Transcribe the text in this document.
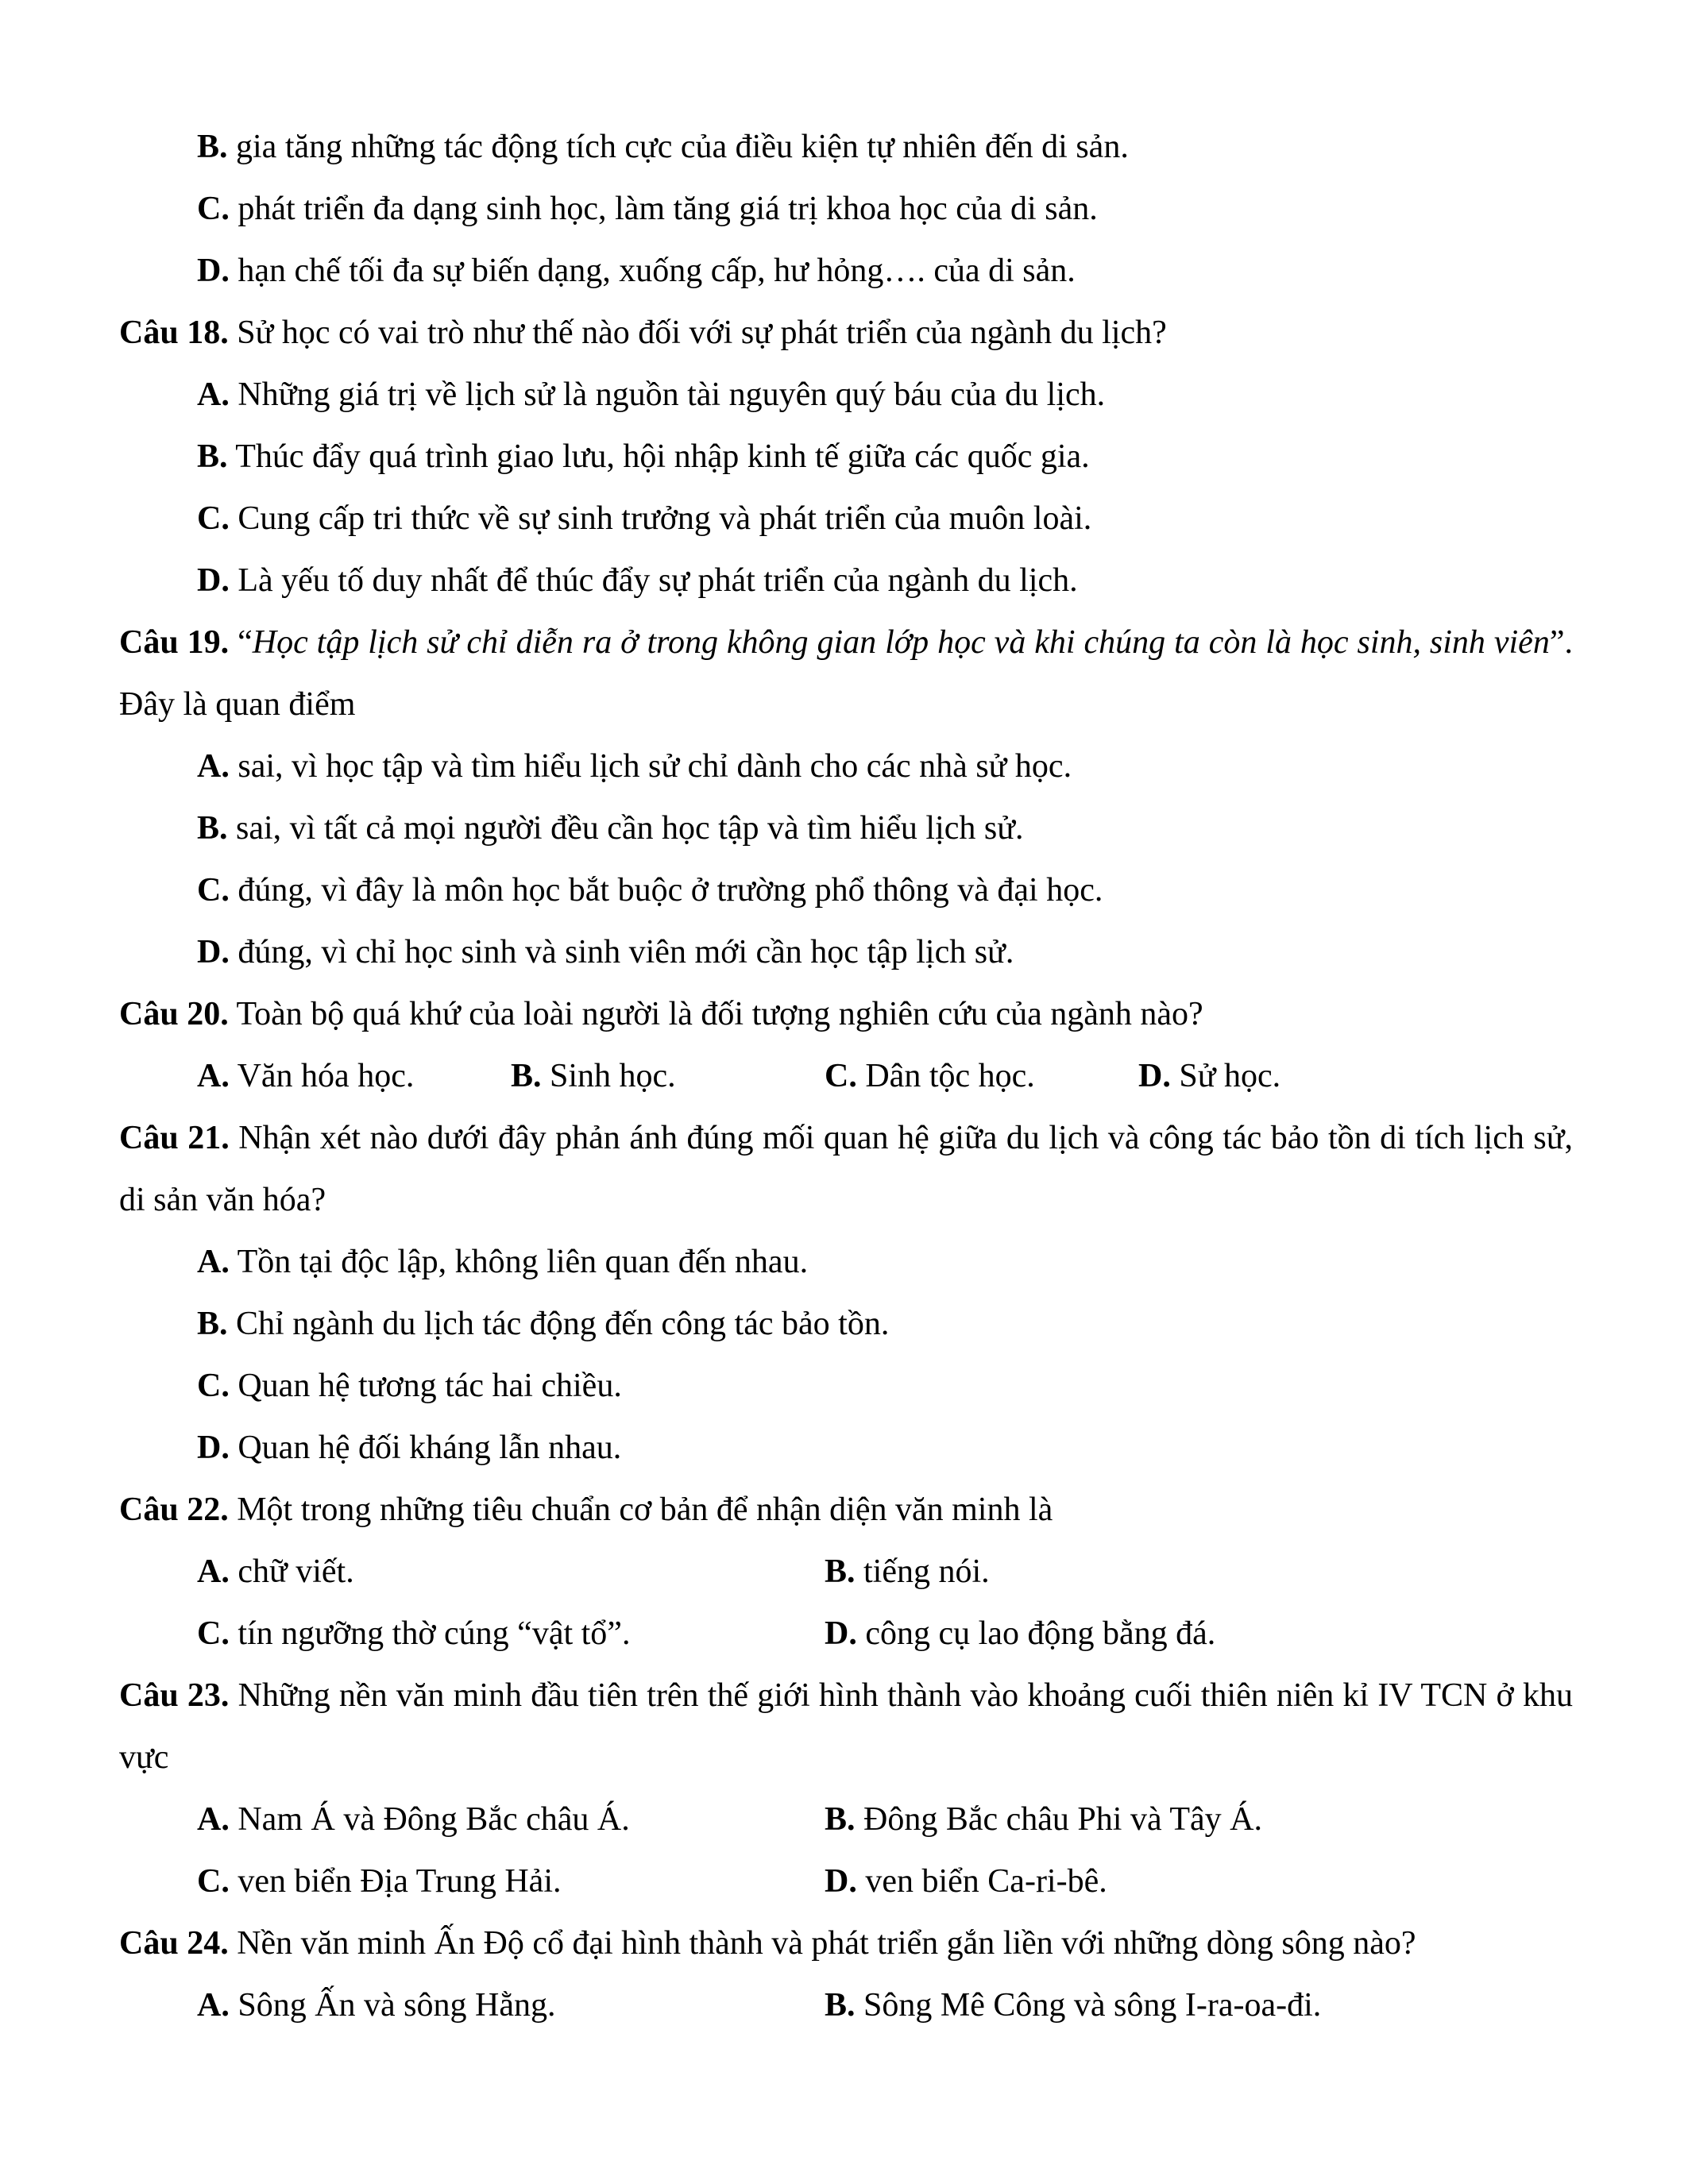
B. gia tăng những tác động tích cực của điều kiện tự nhiên đến di sản.

C. phát triển đa dạng sinh học, làm tăng giá trị khoa học của di sản.

D. hạn chế tối đa sự biến dạng, xuống cấp, hư hỏng…. của di sản.

Câu 18. Sử học có vai trò như thế nào đối với sự phát triển của ngành du lịch?

A. Những giá trị về lịch sử là nguồn tài nguyên quý báu của du lịch.

B. Thúc đẩy quá trình giao lưu, hội nhập kinh tế giữa các quốc gia.

C. Cung cấp tri thức về sự sinh trưởng và phát triển của muôn loài.

D. Là yếu tố duy nhất để thúc đẩy sự phát triển của ngành du lịch.

Câu 19. “Học tập lịch sử chỉ diễn ra ở trong không gian lớp học và khi chúng ta còn là học sinh, sinh viên”. Đây là quan điểm

A. sai, vì học tập và tìm hiểu lịch sử chỉ dành cho các nhà sử học.

B. sai, vì tất cả mọi người đều cần học tập và tìm hiểu lịch sử.

C. đúng, vì đây là môn học bắt buộc ở trường phổ thông và đại học.

D. đúng, vì chỉ học sinh và sinh viên mới cần học tập lịch sử.

Câu 20. Toàn bộ quá khứ của loài người là đối tượng nghiên cứu của ngành nào?

A. Văn hóa học.	B. Sinh học.	C. Dân tộc học.	D. Sử học.

Câu 21. Nhận xét nào dưới đây phản ánh đúng mối quan hệ giữa du lịch và công tác bảo tồn di tích lịch sử, di sản văn hóa?

A. Tồn tại độc lập, không liên quan đến nhau.

B. Chỉ ngành du lịch tác động đến công tác bảo tồn.

C. Quan hệ tương tác hai chiều.

D. Quan hệ đối kháng lẫn nhau.

Câu 22. Một trong những tiêu chuẩn cơ bản để nhận diện văn minh là

A. chữ viết.	B. tiếng nói.
C. tín ngưỡng thờ cúng “vật tổ”.	D. công cụ lao động bằng đá.

Câu 23. Những nền văn minh đầu tiên trên thế giới hình thành vào khoảng cuối thiên niên kỉ IV TCN ở khu vực

A. Nam Á và Đông Bắc châu Á.	B. Đông Bắc châu Phi và Tây Á.
C. ven biển Địa Trung Hải.	D. ven biển Ca-ri-bê.

Câu 24. Nền văn minh Ấn Độ cổ đại hình thành và phát triển gắn liền với những dòng sông nào?

A. Sông Ấn và sông Hằng.	B. Sông Mê Công và sông I-ra-oa-đi.
